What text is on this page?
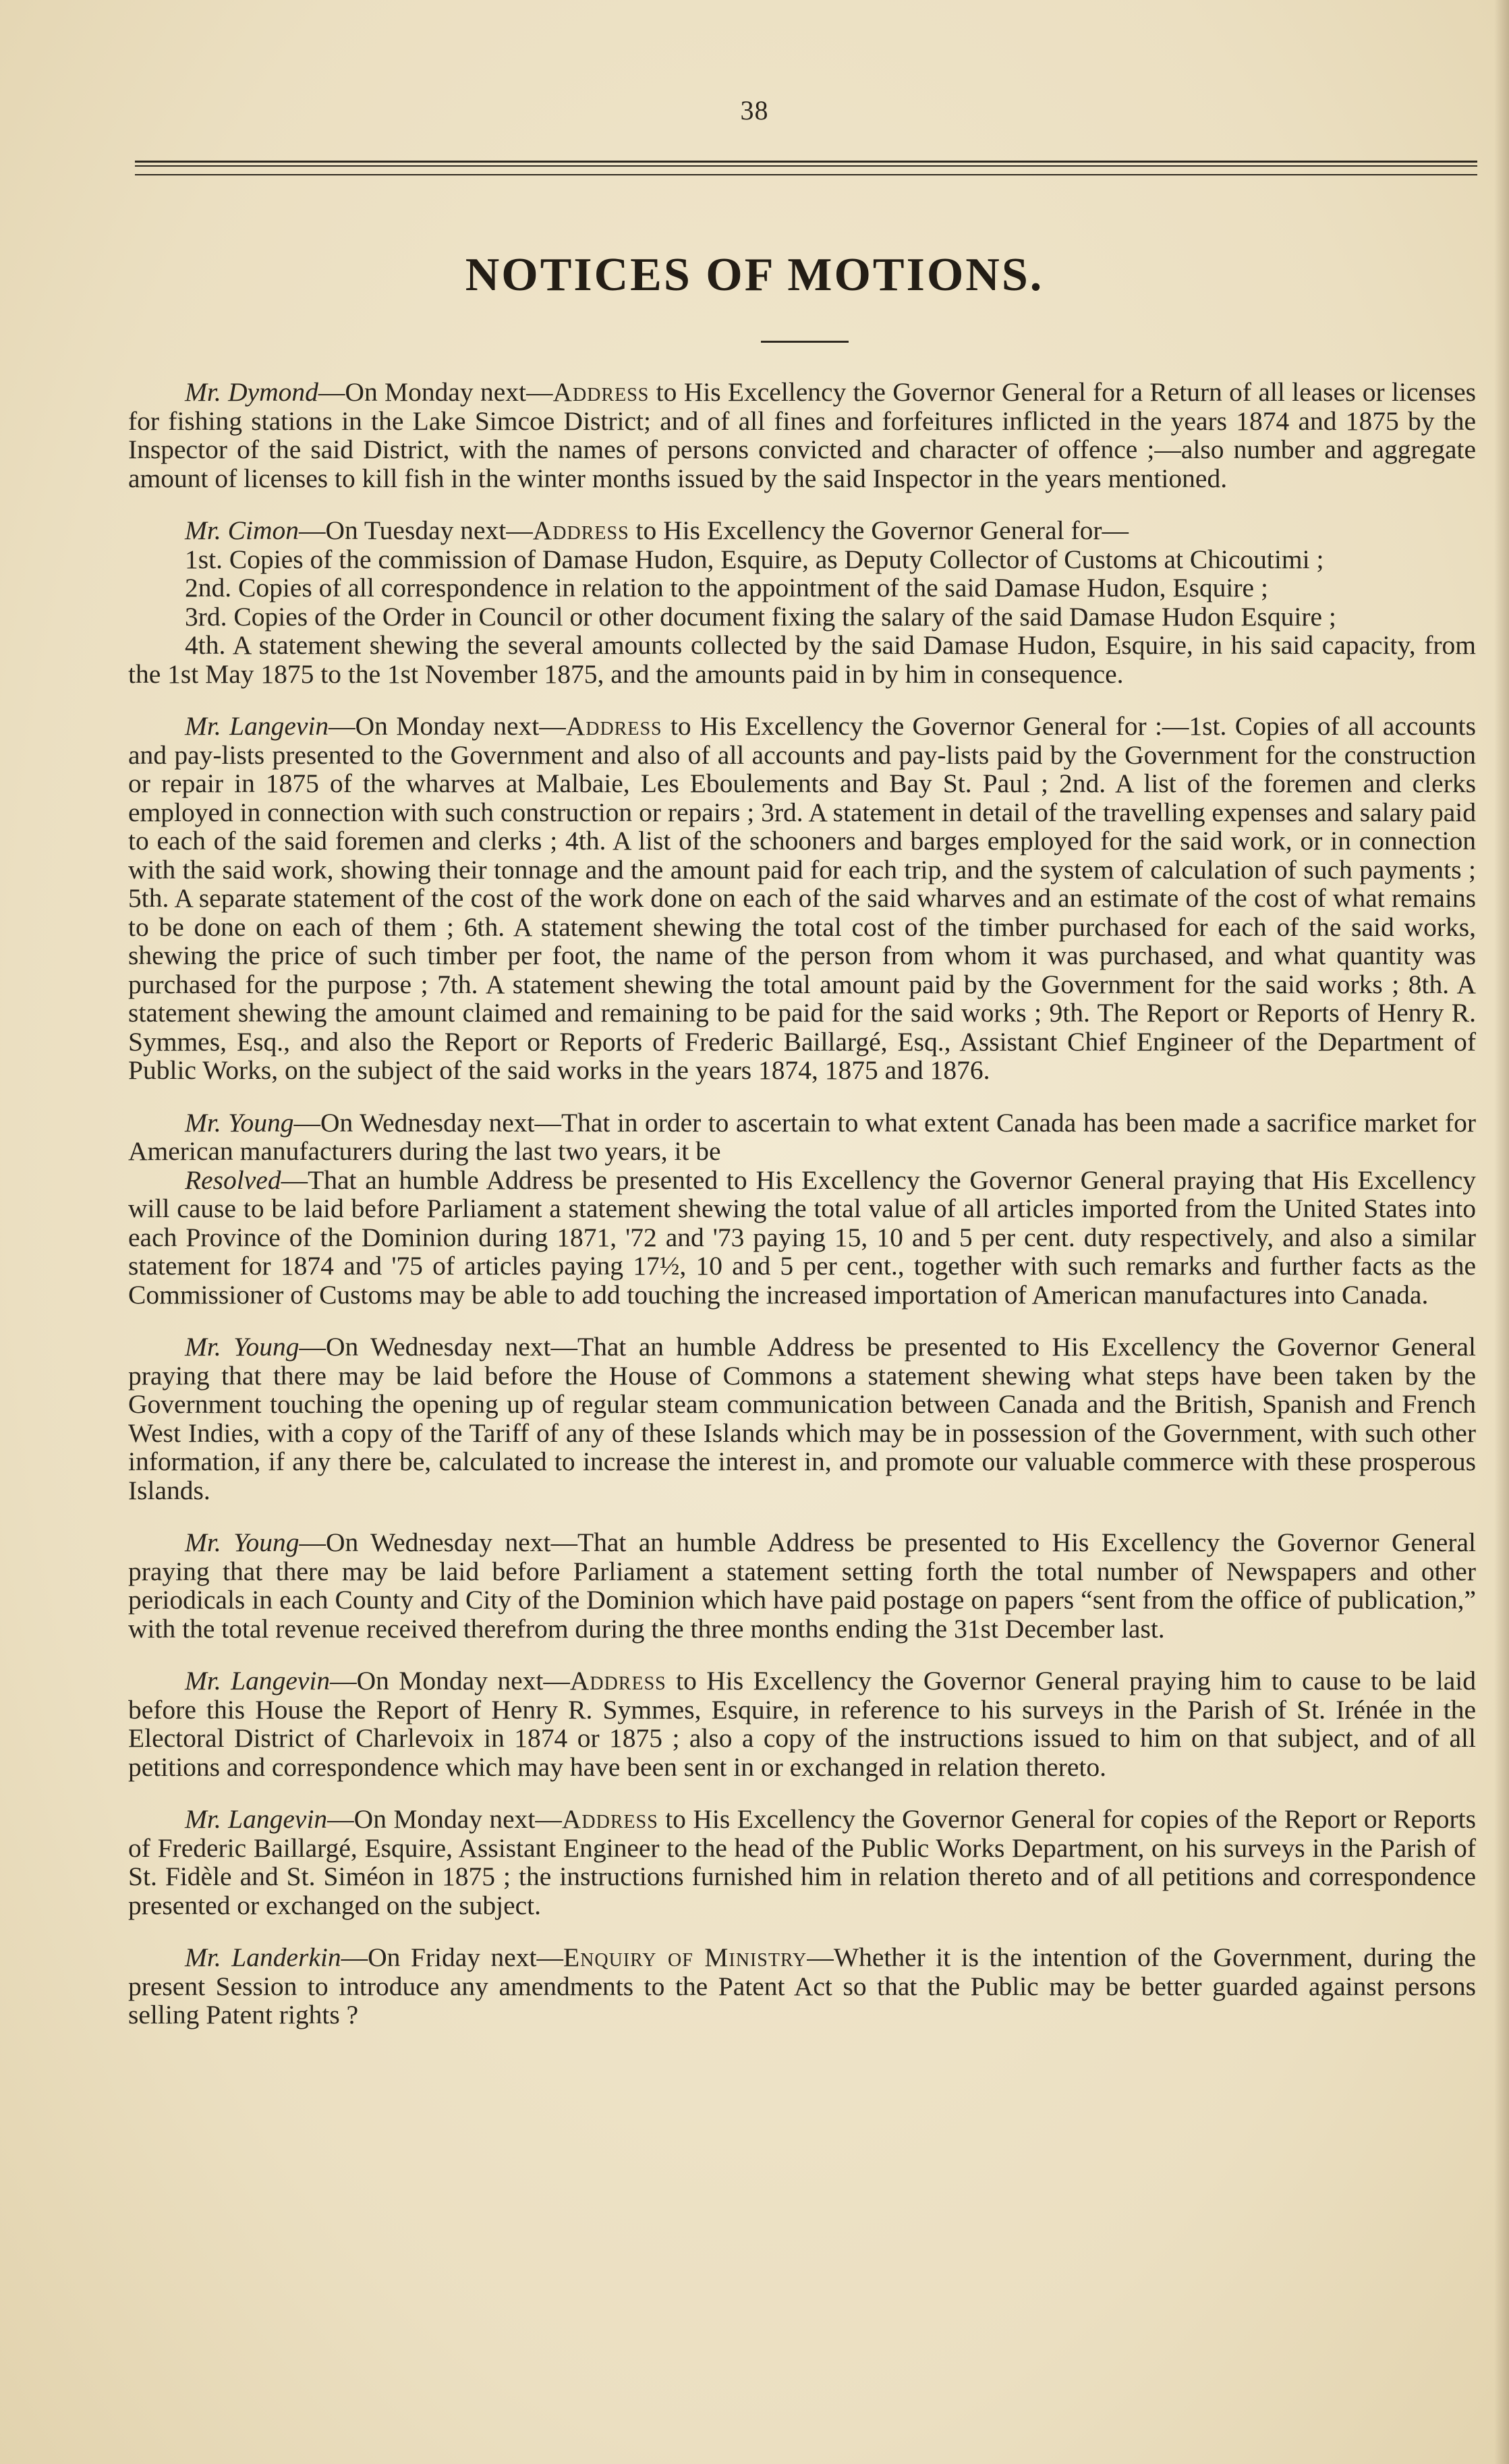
38
NOTICES OF MOTIONS.

Mr. Dymond—On Monday next—Address to His Excellency the Governor General for a Return of all leases or licenses for fishing stations in the Lake Simcoe District; and of all fines and forfeitures inflicted in the years 1874 and 1875 by the Inspector of the said District, with the names of persons convicted and character of offence ;—also number and aggregate amount of licenses to kill fish in the winter months issued by the said Inspector in the years mentioned.

Mr. Cimon—On Tuesday next—Address to His Excellency the Governor General for—

1st. Copies of the commission of Damase Hudon, Esquire, as Deputy Collector of Customs at Chicoutimi ;

2nd. Copies of all correspondence in relation to the appointment of the said Damase Hudon, Esquire ;

3rd. Copies of the Order in Council or other document fixing the salary of the said Damase Hudon Esquire ;

4th. A statement shewing the several amounts collected by the said Damase Hudon, Esquire, in his said capacity, from the 1st May 1875 to the 1st November 1875, and the amounts paid in by him in consequence.

Mr. Langevin—On Monday next—Address to His Excellency the Governor General for :—1st. Copies of all accounts and pay-lists presented to the Government and also of all accounts and pay-lists paid by the Government for the construction or repair in 1875 of the wharves at Malbaie, Les Eboulements and Bay St. Paul ; 2nd. A list of the foremen and clerks employed in connection with such construction or repairs ; 3rd. A statement in detail of the travelling expenses and salary paid to each of the said foremen and clerks ; 4th. A list of the schooners and barges employed for the said work, or in connection with the said work, showing their tonnage and the amount paid for each trip, and the system of calculation of such payments ; 5th. A separate statement of the cost of the work done on each of the said wharves and an estimate of the cost of what remains to be done on each of them ; 6th. A statement shewing the total cost of the timber purchased for each of the said works, shewing the price of such timber per foot, the name of the person from whom it was purchased, and what quantity was purchased for the purpose ; 7th. A statement shewing the total amount paid by the Government for the said works ; 8th. A statement shewing the amount claimed and remaining to be paid for the said works ; 9th. The Report or Reports of Henry R. Symmes, Esq., and also the Report or Reports of Frederic Baillargé, Esq., Assistant Chief Engineer of the Department of Public Works, on the subject of the said works in the years 1874, 1875 and 1876.

Mr. Young—On Wednesday next—That in order to ascertain to what extent Canada has been made a sacrifice market for American manufacturers during the last two years, it be

Resolved—That an humble Address be presented to His Excellency the Governor General praying that His Excellency will cause to be laid before Parliament a statement shewing the total value of all articles imported from the United States into each Province of the Dominion during 1871, '72 and '73 paying 15, 10 and 5 per cent. duty respectively, and also a similar statement for 1874 and '75 of articles paying 17½, 10 and 5 per cent., together with such remarks and further facts as the Commissioner of Customs may be able to add touching the increased importation of American manufactures into Canada.

Mr. Young—On Wednesday next—That an humble Address be presented to His Excellency the Governor General praying that there may be laid before the House of Commons a statement shewing what steps have been taken by the Government touching the opening up of regular steam communication between Canada and the British, Spanish and French West Indies, with a copy of the Tariff of any of these Islands which may be in possession of the Government, with such other information, if any there be, calculated to increase the interest in, and promote our valuable commerce with these prosperous Islands.

Mr. Young—On Wednesday next—That an humble Address be presented to His Excellency the Governor General praying that there may be laid before Parliament a statement setting forth the total number of Newspapers and other periodicals in each County and City of the Dominion which have paid postage on papers “sent from the office of publication,” with the total revenue received therefrom during the three months ending the 31st December last.

Mr. Langevin—On Monday next—Address to His Excellency the Governor General praying him to cause to be laid before this House the Report of Henry R. Symmes, Esquire, in reference to his surveys in the Parish of St. Irénée in the Electoral District of Charlevoix in 1874 or 1875 ; also a copy of the instructions issued to him on that subject, and of all petitions and correspondence which may have been sent in or exchanged in relation thereto.

Mr. Langevin—On Monday next—Address to His Excellency the Governor General for copies of the Report or Reports of Frederic Baillargé, Esquire, Assistant Engineer to the head of the Public Works Department, on his surveys in the Parish of St. Fidèle and St. Siméon in 1875 ; the instructions furnished him in relation thereto and of all petitions and correspondence presented or exchanged on the subject.

Mr. Landerkin—On Friday next—Enquiry of Ministry—Whether it is the intention of the Government, during the present Session to introduce any amendments to the Patent Act so that the Public may be better guarded against persons selling Patent rights ?
